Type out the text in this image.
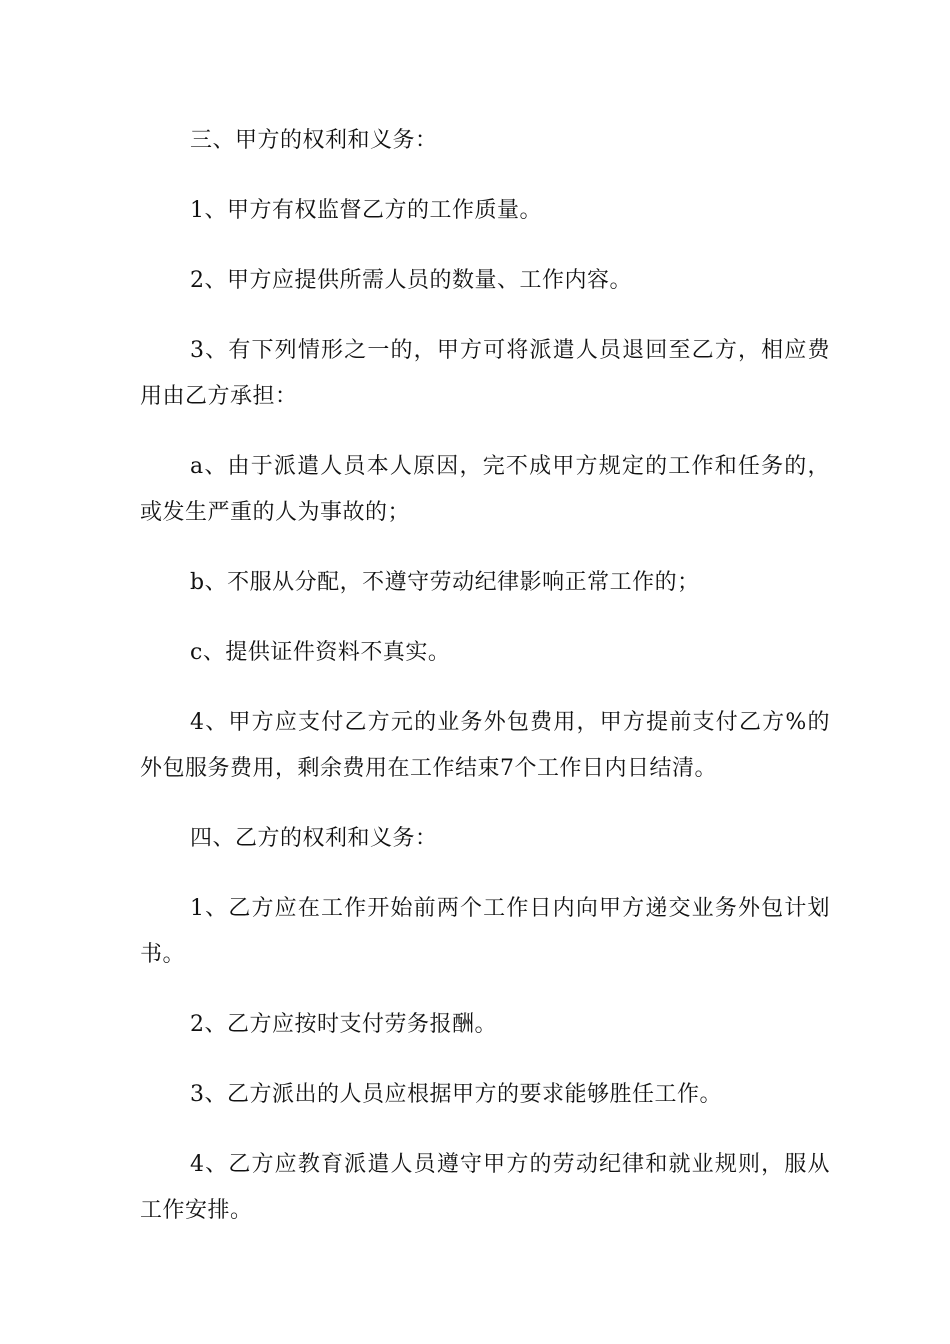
三、甲方的权利和义务：

1、甲方有权监督乙方的工作质量。

2、甲方应提供所需人员的数量、工作内容。

3、有下列情形之一的，甲方可将派遣人员退回至乙方，相应费用由乙方承担：

a、由于派遣人员本人原因，完不成甲方规定的工作和任务的，或发生严重的人为事故的；

b、不服从分配，不遵守劳动纪律影响正常工作的；

c、提供证件资料不真实。

4、甲方应支付乙方元的业务外包费用，甲方提前支付乙方%的外包服务费用，剩余费用在工作结束7个工作日内日结清。

四、乙方的权利和义务：

1、乙方应在工作开始前两个工作日内向甲方递交业务外包计划书。

2、乙方应按时支付劳务报酬。

3、乙方派出的人员应根据甲方的要求能够胜任工作。

4、乙方应教育派遣人员遵守甲方的劳动纪律和就业规则，服从工作安排。
